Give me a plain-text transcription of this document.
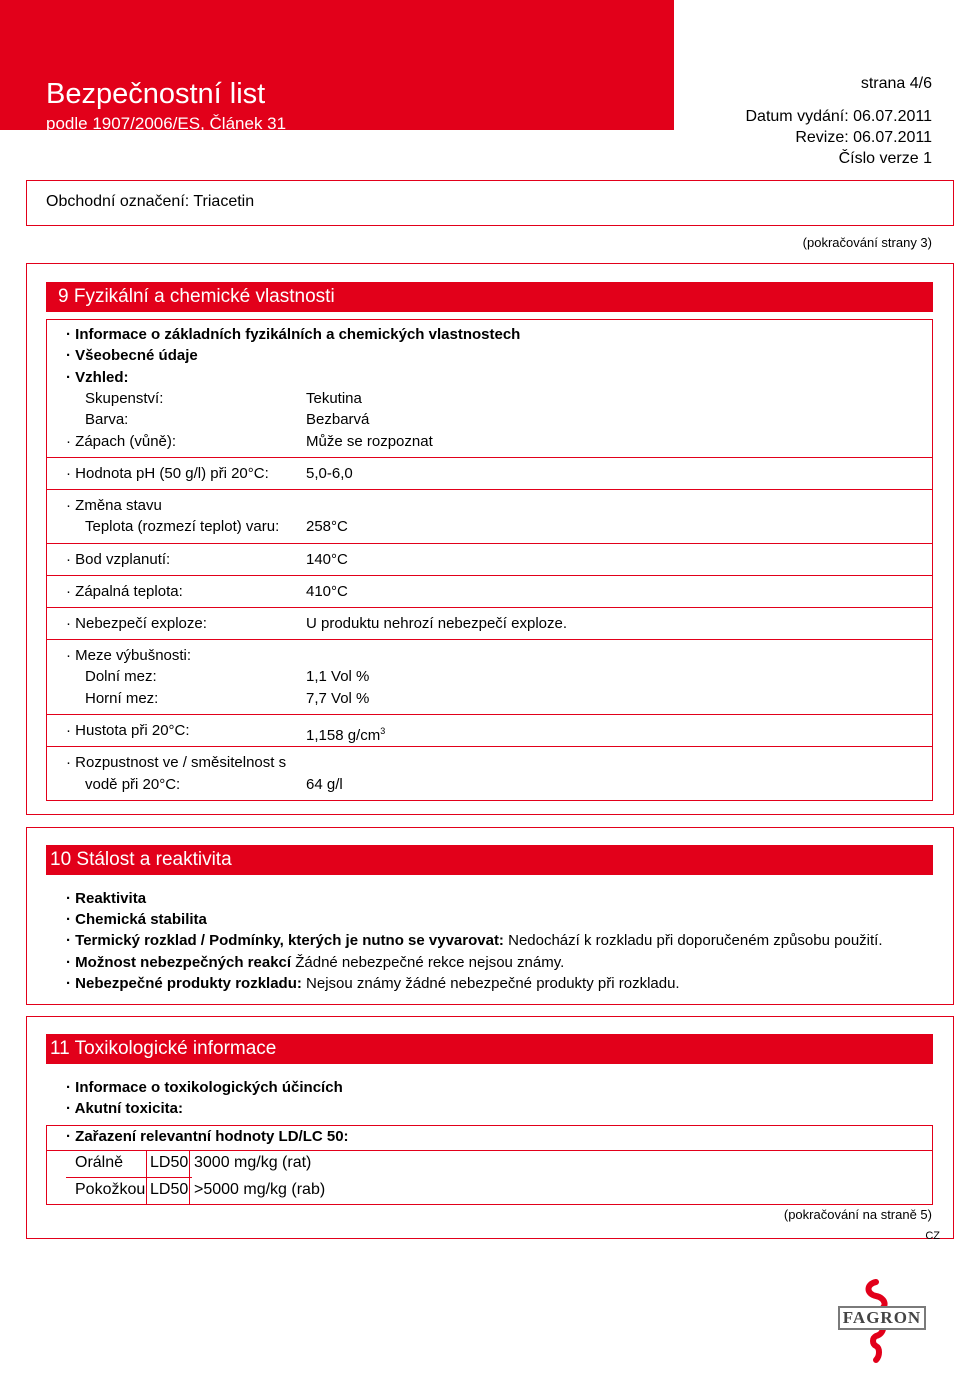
Bezpečnostní list
podle 1907/2006/ES, Článek 31
strana 4/6
Datum vydání: 06.07.2011
Revize: 06.07.2011
Číslo verze 1
Obchodní označení: Triacetin
(pokračování strany 3)
9 Fyzikální a chemické vlastnosti
· Informace o základních fyzikálních a chemických vlastnostech
· Všeobecné údaje
· Vzhled:
Skupenství:	Tekutina
Barva:	Bezbarvá
· Zápach (vůně):	Může se rozpoznat
· Hodnota pH (50 g/l) při 20°C: 5,0-6,0
· Změna stavu
Teplota (rozmezí teplot) varu: 258°C
· Bod vzplanutí:	140°C
· Zápalná teplota:	410°C
· Nebezpečí exploze:	U produktu nehrozí nebezpečí exploze.
· Meze výbušnosti:
Dolní mez:	1,1 Vol %
Horní mez:	7,7 Vol %
· Hustota při 20°C:	1,158 $g/cm^3$
· Rozpustnost ve / směsitelnost s
vodě při 20°C:	64 g/l
10 Stálost a reaktivita
· Reaktivita
· Chemická stabilita
· Termický rozklad / Podmínky, kterých je nutno se vyvarovat: Nedochází k rozkladu při doporučeném způsobu použití.
· Možnost nebezpečných reakcí Žádné nebezpečné rekce nejsou známy.
· Nebezpečné produkty rozkladu: Nejsou známy žádné nebezpečné produkty při rozkladu.
11 Toxikologické informace
· Informace o toxikologických účincích
· Akutní toxicita:
· Zařazení relevantní hodnoty LD/LC 50:
Orálně LD50 3000 mg/kg (rat)
Pokožkou LD50 >5000 mg/kg (rab)
(pokračování na straně 5)
CZ
FAGRON
